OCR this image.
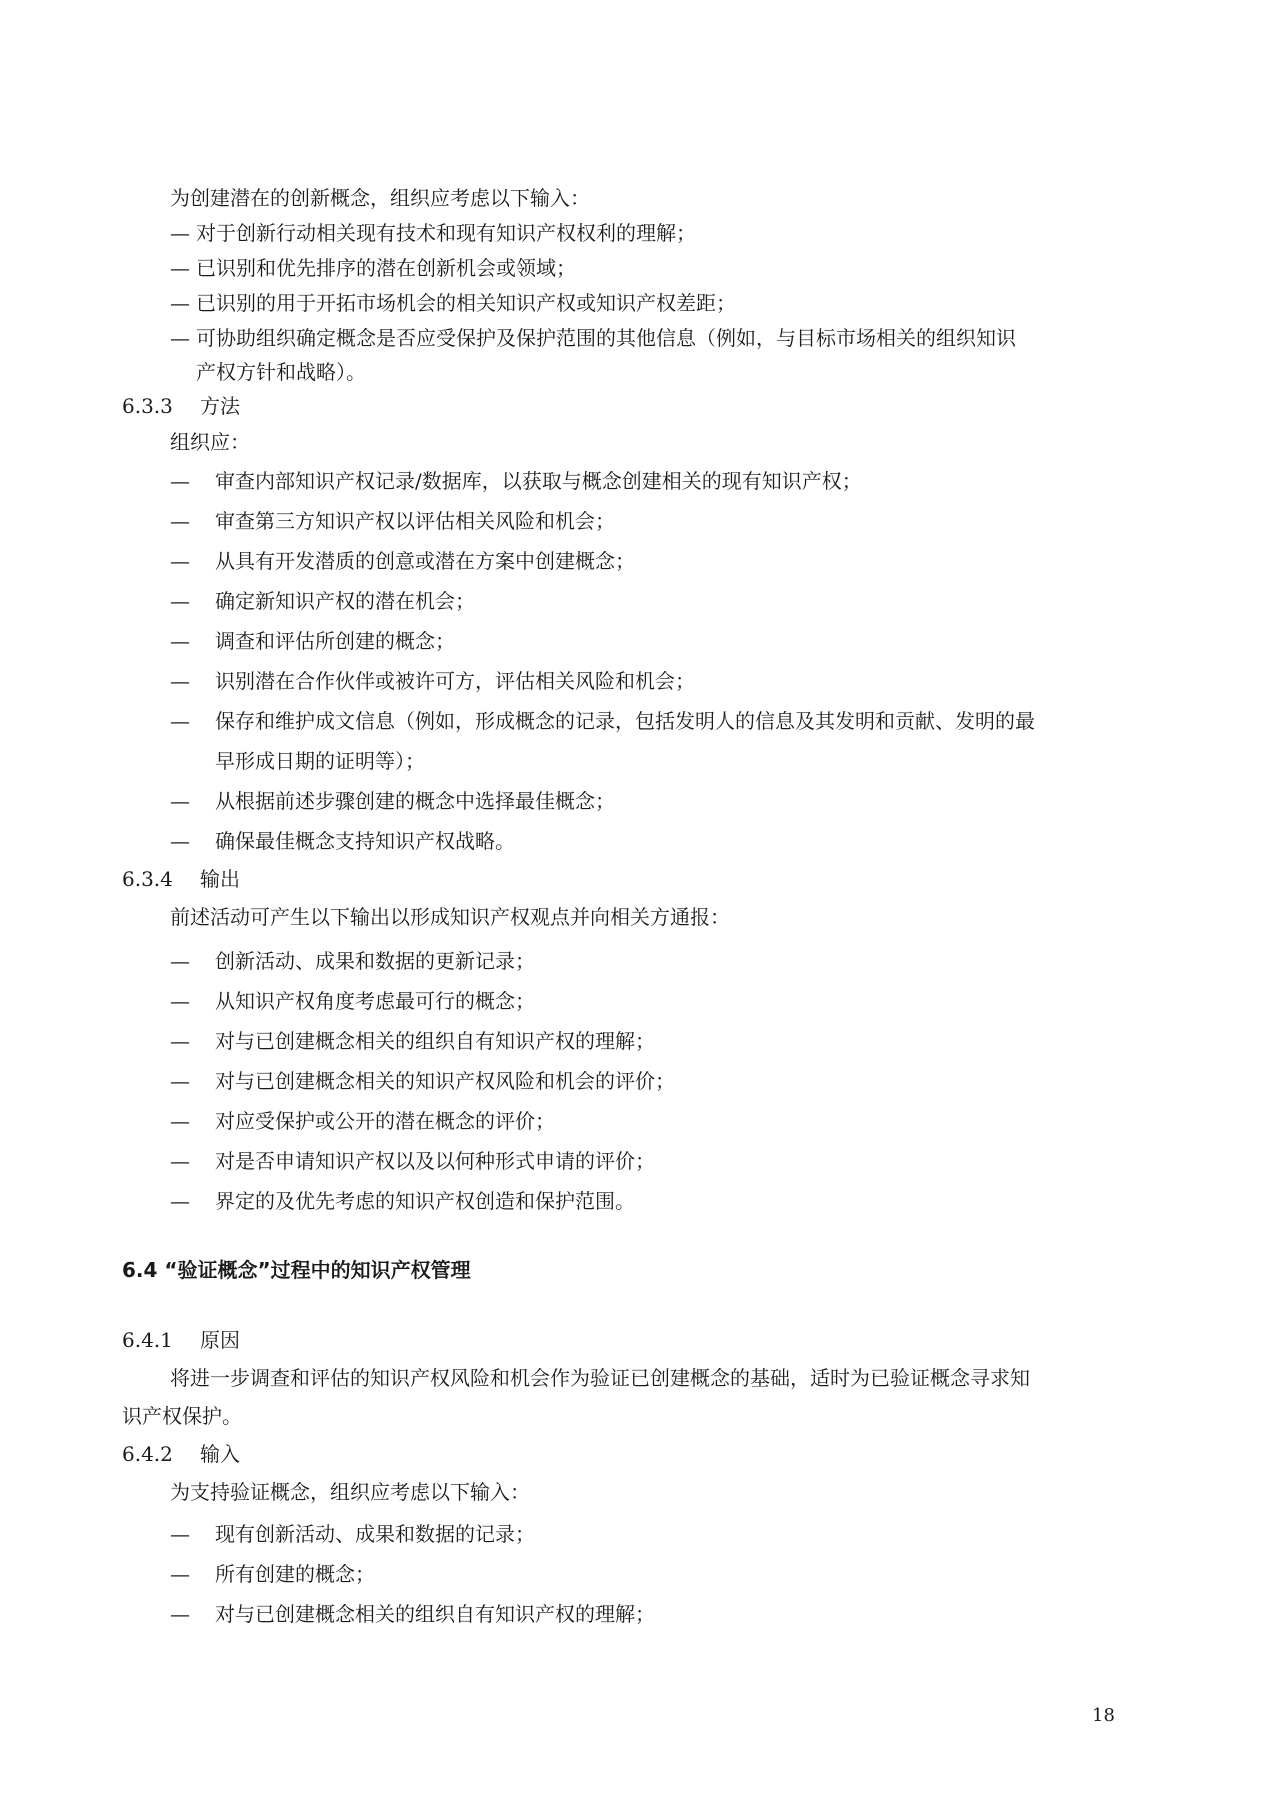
为创建潜在的创新概念，组织应考虑以下输入：
— 对于创新行动相关现有技术和现有知识产权权利的理解；
— 已识别和优先排序的潜在创新机会或领域；
— 已识别的用于开拓市场机会的相关知识产权或知识产权差距；
— 可协助组织确定概念是否应受保护及保护范围的其他信息（例如，与目标市场相关的组织知识
产权方针和战略）。
6.3.3 方法
组织应：
— 审查内部知识产权记录/数据库，以获取与概念创建相关的现有知识产权；
— 审查第三方知识产权以评估相关风险和机会；
— 从具有开发潜质的创意或潜在方案中创建概念；
— 确定新知识产权的潜在机会；
— 调查和评估所创建的概念；
— 识别潜在合作伙伴或被许可方，评估相关风险和机会；
— 保存和维护成文信息（例如，形成概念的记录，包括发明人的信息及其发明和贡献、发明的最
早形成日期的证明等）；
— 从根据前述步骤创建的概念中选择最佳概念；
— 确保最佳概念支持知识产权战略。
6.3.4 输出
前述活动可产生以下输出以形成知识产权观点并向相关方通报：
— 创新活动、成果和数据的更新记录；
— 从知识产权角度考虑最可行的概念；
— 对与已创建概念相关的组织自有知识产权的理解；
— 对与已创建概念相关的知识产权风险和机会的评价；
— 对应受保护或公开的潜在概念的评价；
— 对是否申请知识产权以及以何种形式申请的评价；
— 界定的及优先考虑的知识产权创造和保护范围。
6.4 “验证概念”过程中的知识产权管理
6.4.1 原因
将进一步调查和评估的知识产权风险和机会作为验证已创建概念的基础，适时为已验证概念寻求知
识产权保护。
6.4.2 输入
为支持验证概念，组织应考虑以下输入：
— 现有创新活动、成果和数据的记录；
— 所有创建的概念；
— 对与已创建概念相关的组织自有知识产权的理解；
18
